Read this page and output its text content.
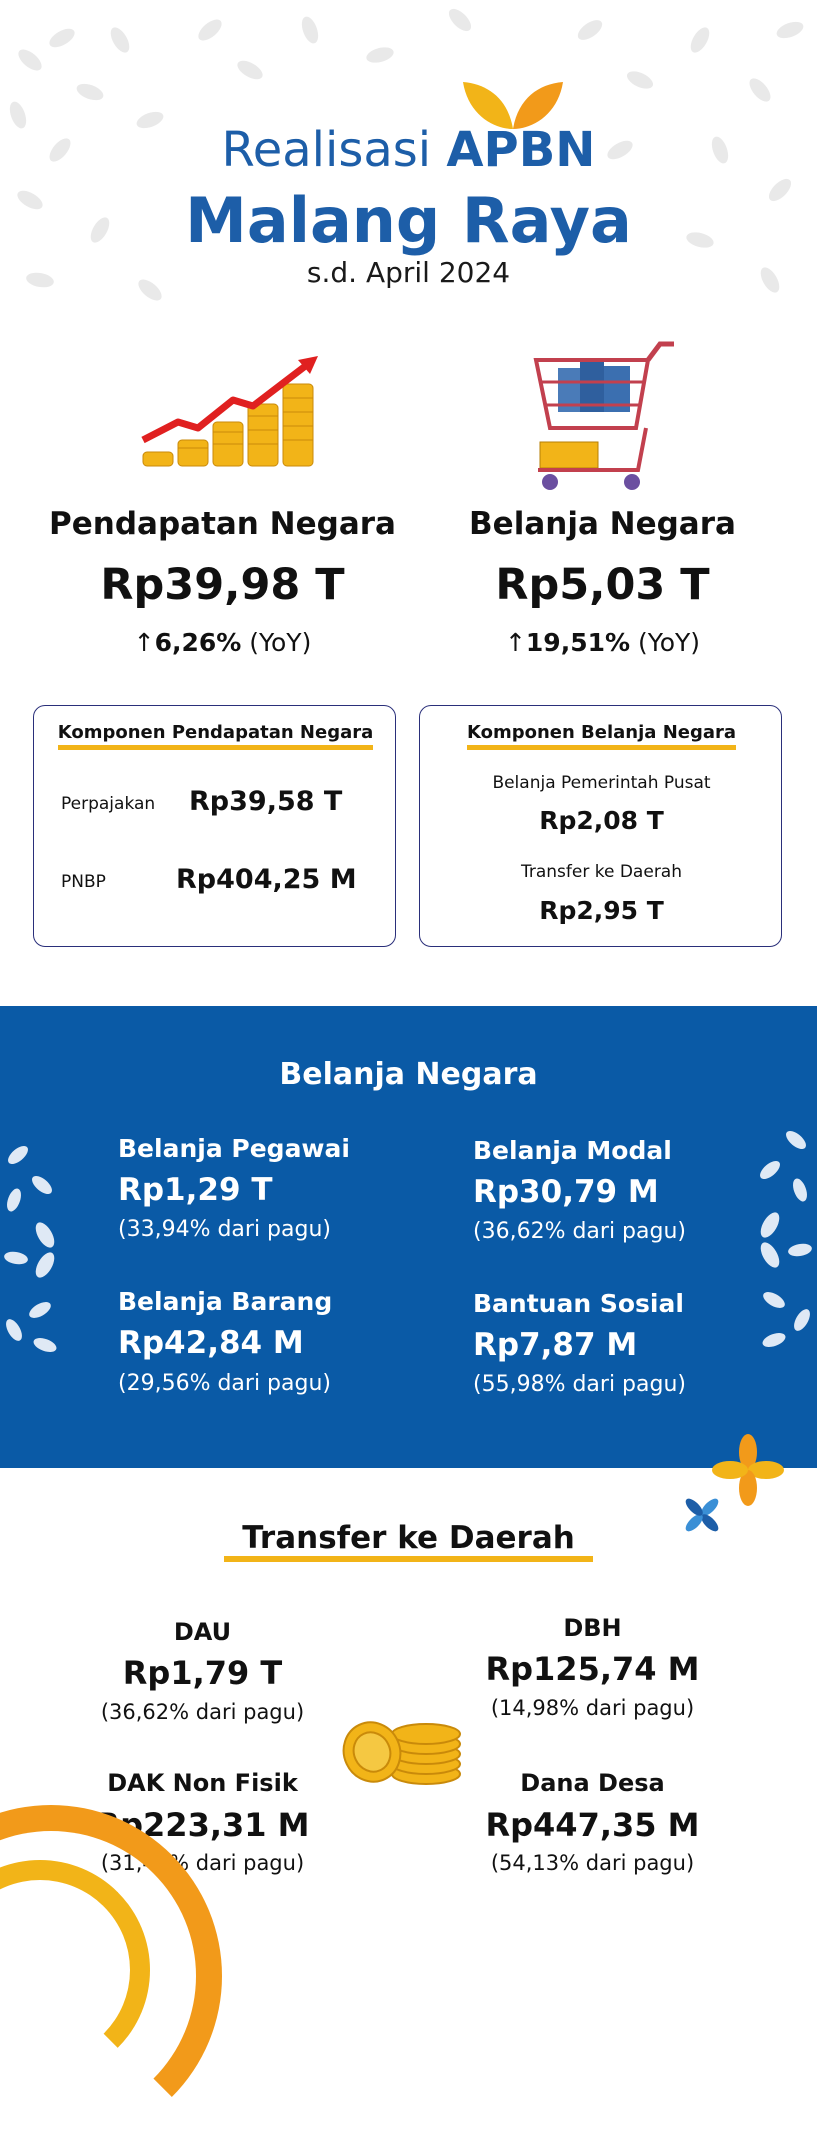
Realisasi APBN
Malang Raya
s.d. April 2024
Pendapatan Negara
Rp39,98 T
↑6,26% (YoY)
Belanja Negara
Rp5,03 T
↑19,51% (YoY)
Komponen Pendapatan Negara
Perpajakan Rp39,58 T
PNBP	Rp404,25 M
Komponen Belanja Negara
Belanja Pemerintah Pusat
Rp2,08 T
Transfer ke Daerah
Rp2,95 T
Belanja Negara
Belanja Pegawai
Rp1,29 T
(33,94% dari pagu)
Belanja Modal
Rp30,79 M
(36,62% dari pagu)
Belanja Barang
Rp42,84 M
(29,56% dari pagu)
Bantuan Sosial
Rp7,87 M
(55,98% dari pagu)
Transfer ke Daerah
DAU
Rp1,79 T
(36,62% dari pagu)
DBH
Rp125,74 M
(14,98% dari pagu)
DAK Non Fisik
Rp223,31 M
(31,49% dari pagu)
Dana Desa
Rp447,35 M
(54,13% dari pagu)
